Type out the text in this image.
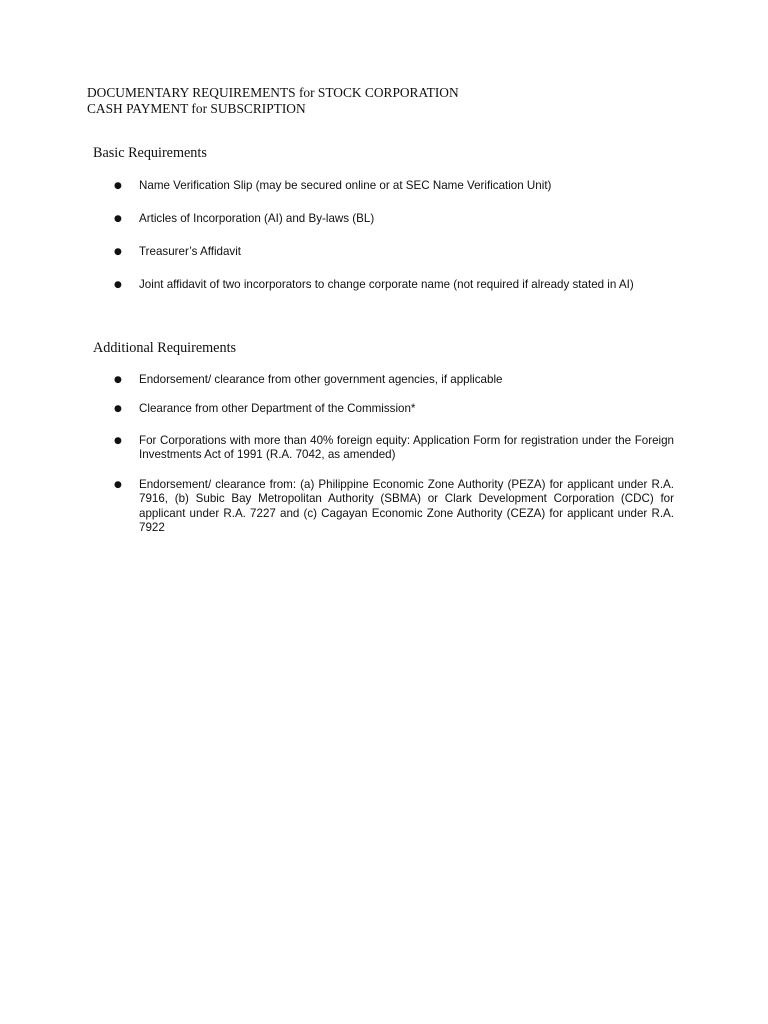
DOCUMENTARY REQUIREMENTS for STOCK CORPORATION
CASH PAYMENT for SUBSCRIPTION
Basic Requirements
● Name Verification Slip (may be secured online or at SEC Name Verification Unit)
● Articles of Incorporation (AI) and By-laws (BL)
● Treasurer’s Affidavit
● Joint affidavit of two incorporators to change corporate name (not required if already stated in AI)
Additional Requirements
● Endorsement/ clearance from other government agencies, if applicable
● Clearance from other Department of the Commission*
● For Corporations with more than 40% foreign equity: Application Form for registration under the Foreign Investments Act of 1991 (R.A. 7042, as amended)
● Endorsement/ clearance from: (a) Philippine Economic Zone Authority (PEZA) for applicant under R.A. 7916, (b) Subic Bay Metropolitan Authority (SBMA) or Clark Development Corporation (CDC) for applicant under R.A. 7227 and (c) Cagayan Economic Zone Authority (CEZA) for applicant under R.A. 7922
